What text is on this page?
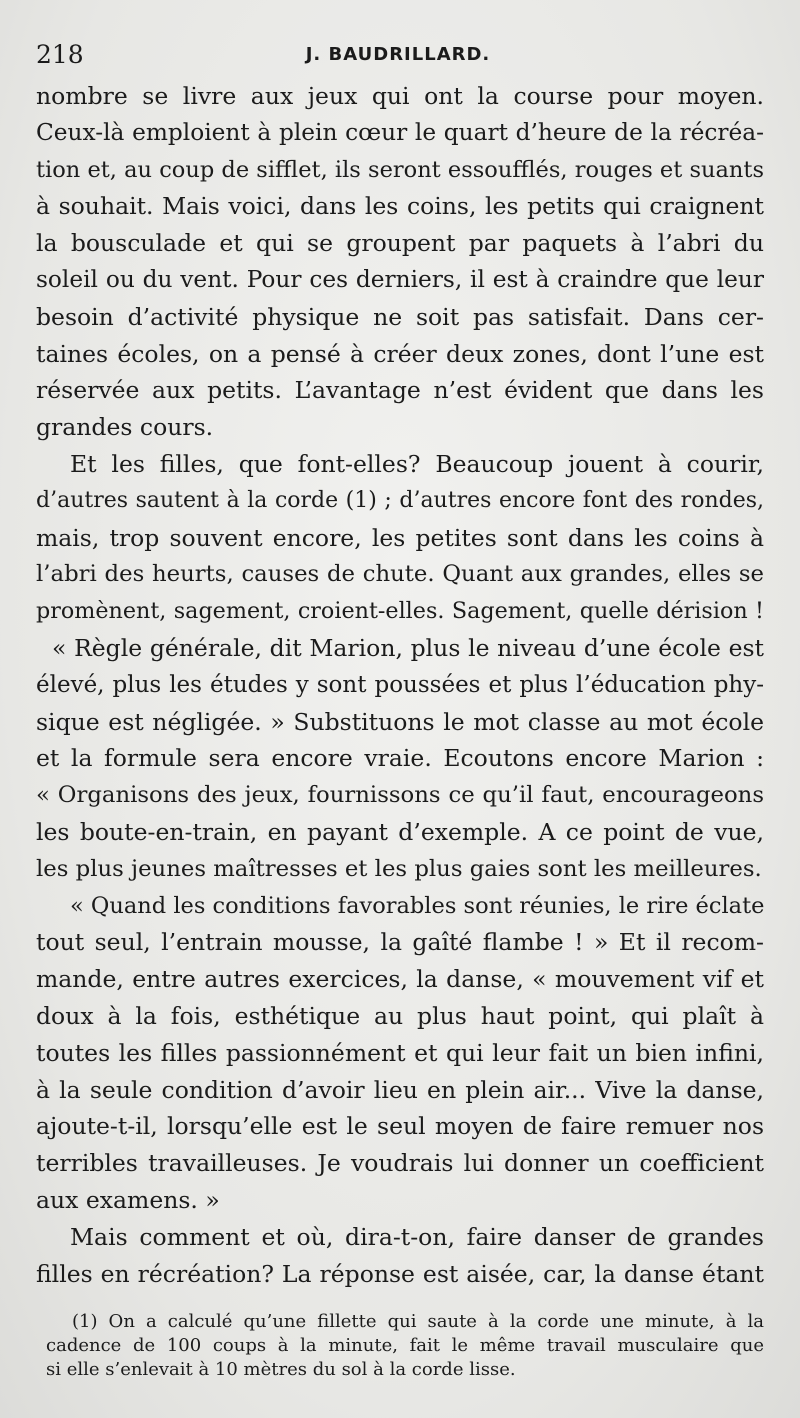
218	J. BAUDRILLARD.
nombre se livre aux jeux qui ont la course pour moyen.
Ceux-là emploient à plein cœur le quart d’heure de la récréa-
tion et, au coup de sifflet, ils seront essoufflés, rouges et suants
à souhait. Mais voici, dans les coins, les petits qui craignent
la bousculade et qui se groupent par paquets à l’abri du
soleil ou du vent. Pour ces derniers, il est à craindre que leur
besoin d’activité physique ne soit pas satisfait. Dans cer-
taines écoles, on a pensé à créer deux zones, dont l’une est
réservée aux petits. L’avantage n’est évident que dans les
grandes cours.
Et les filles, que font-elles? Beaucoup jouent à courir,
d’autres sautent à la corde (1) ; d’autres encore font des rondes,
mais, trop souvent encore, les petites sont dans les coins à
l’abri des heurts, causes de chute. Quant aux grandes, elles se
promènent, sagement, croient-elles. Sagement, quelle dérision !
« Règle générale, dit Marion, plus le niveau d’une école est
élevé, plus les études y sont poussées et plus l’éducation phy-
sique est négligée. » Substituons le mot classe au mot école
et la formule sera encore vraie. Ecoutons encore Marion :
« Organisons des jeux, fournissons ce qu’il faut, encourageons
les boute-en-train, en payant d’exemple. A ce point de vue,
les plus jeunes maîtresses et les plus gaies sont les meilleures.
« Quand les conditions favorables sont réunies, le rire éclate
tout seul, l’entrain mousse, la gaîté flambe ! » Et il recom-
mande, entre autres exercices, la danse, « mouvement vif et
doux à la fois, esthétique au plus haut point, qui plaît à
toutes les filles passionnément et qui leur fait un bien infini,
à la seule condition d’avoir lieu en plein air... Vive la danse,
ajoute-t-il, lorsqu’elle est le seul moyen de faire remuer nos
terribles travailleuses. Je voudrais lui donner un coefficient
aux examens. »
Mais comment et où, dira-t-on, faire danser de grandes
filles en récréation? La réponse est aisée, car, la danse étant
(1) On a calculé qu’une fillette qui saute à la corde une minute, à la
cadence de 100 coups à la minute, fait le même travail musculaire que
si elle s’enlevait à 10 mètres du sol à la corde lisse.
